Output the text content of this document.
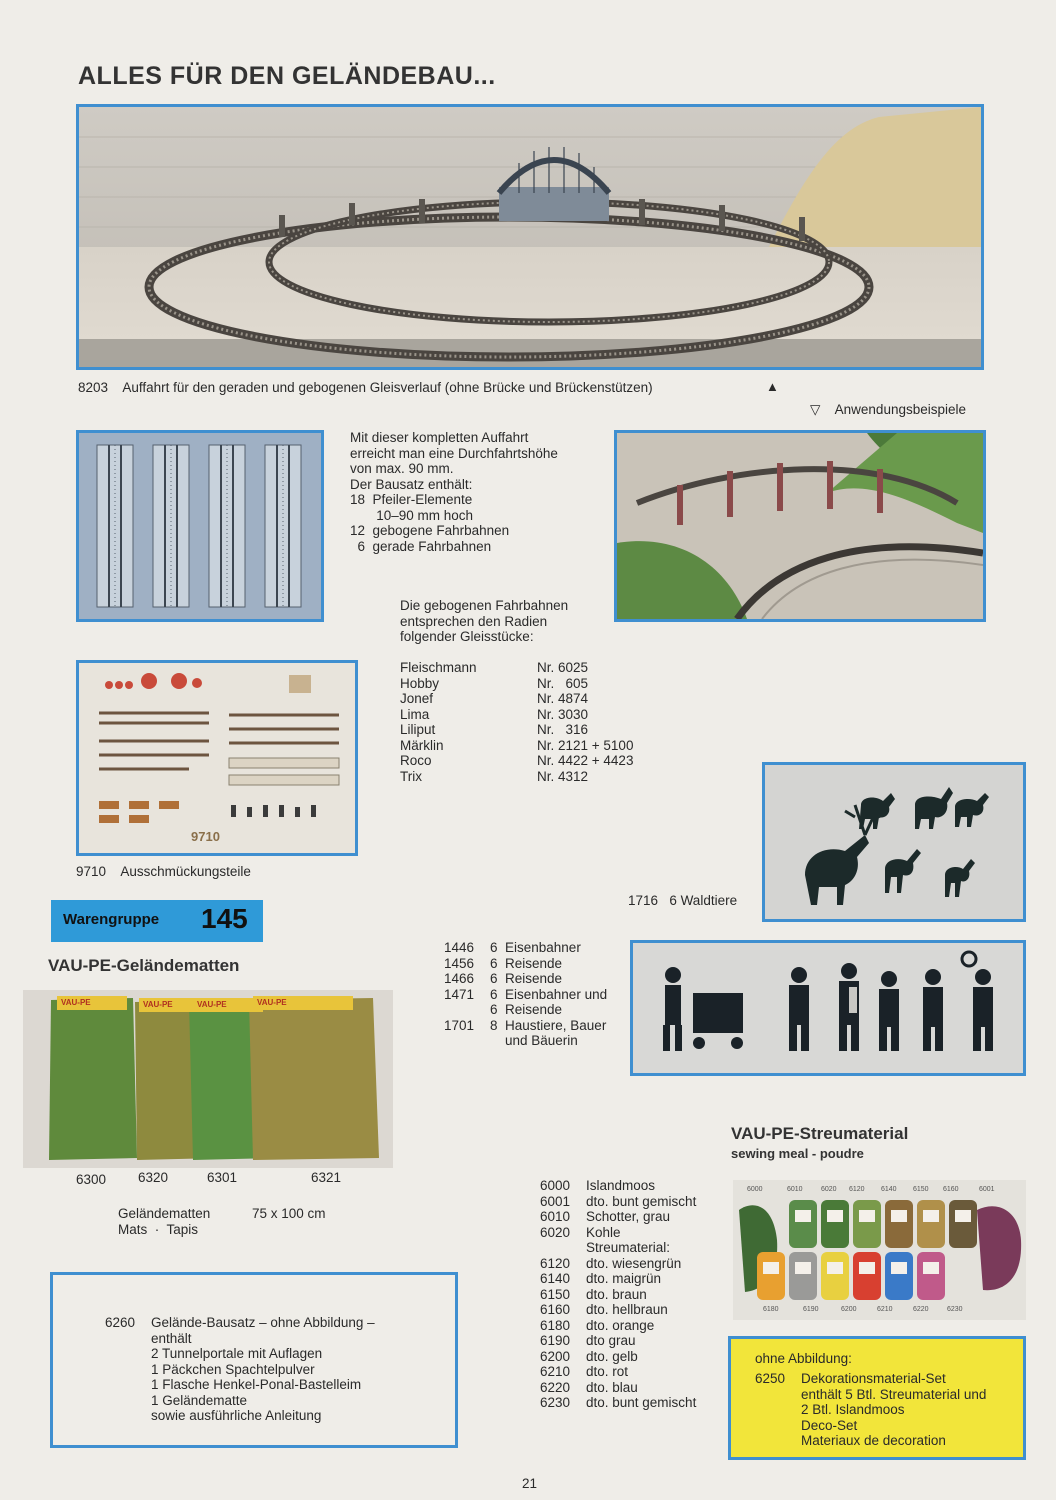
ALLES FÜR DEN GELÄNDEBAU...
8203 Auffahrt für den geraden und gebogenen Gleisverlauf (ohne Brücke und Brückenstützen)	▲
▽ Anwendungsbeispiele
Mit dieser kompletten Auffahrt
erreicht man eine Durchfahrtshöhe
von max. 90 mm.
Der Bausatz enthält:
18  Pfeiler-Elemente
10–90 mm hoch
12  gebogene Fahrbahnen
6  gerade Fahrbahnen
Die gebogenen Fahrbahnen
entsprechen den Radien
folgender Gleisstücke:
Fleischmann	Nr. 6025
Hobby	Nr.   605
Jonef	Nr. 4874
Lima	Nr. 3030
Liliput	Nr.   316
Märklin	Nr. 2121 + 5100
Roco	Nr. 4422 + 4423
Trix	Nr. 4312
9710
9710 Ausschmückungsteile
1716 6 Waldtiere
Warengruppe 145
VAU-PE-Geländematten
VAU-PE	VAU-PE	VAU-PE	VAU-PE
6300 6320	6301	6321
Geländematten
Mats  ·  Tapis
75 x 100 cm
1446 6  Eisenbahner
1456 6  Reisende
1466 6  Reisende
1471 6  Eisenbahner und
6  Reisende
1701 8  Haustiere, Bauer
und Bäuerin
VAU-PE-Streumaterial
sewing meal - poudre
6000 Islandmoos
6001 dto. bunt gemischt
6010 Schotter, grau
6020 Kohle
Streumaterial:
6120 dto. wiesengrün
6140 dto. maigrün
6150 dto. braun
6160 dto. hellbraun
6180 dto. orange
6190 dto grau
6200 dto. gelb
6210 dto. rot
6220 dto. blau
6230 dto. bunt gemischt
6000	6010	6020 6120 6140 6150 6160	6001
6180	6190	6200	6210	6220	6230
6260 Gelände-Bausatz – ohne Abbildung –
enthält
2 Tunnelportale mit Auflagen
1 Päckchen Spachtelpulver
1 Flasche Henkel-Ponal-Bastelleim
1 Geländematte
sowie ausführliche Anleitung
ohne Abbildung:
6250 Dekorationsmaterial-Set
enthält 5 Btl. Streumaterial und
2 Btl. Islandmoos
Deco-Set
Materiaux de decoration
21
